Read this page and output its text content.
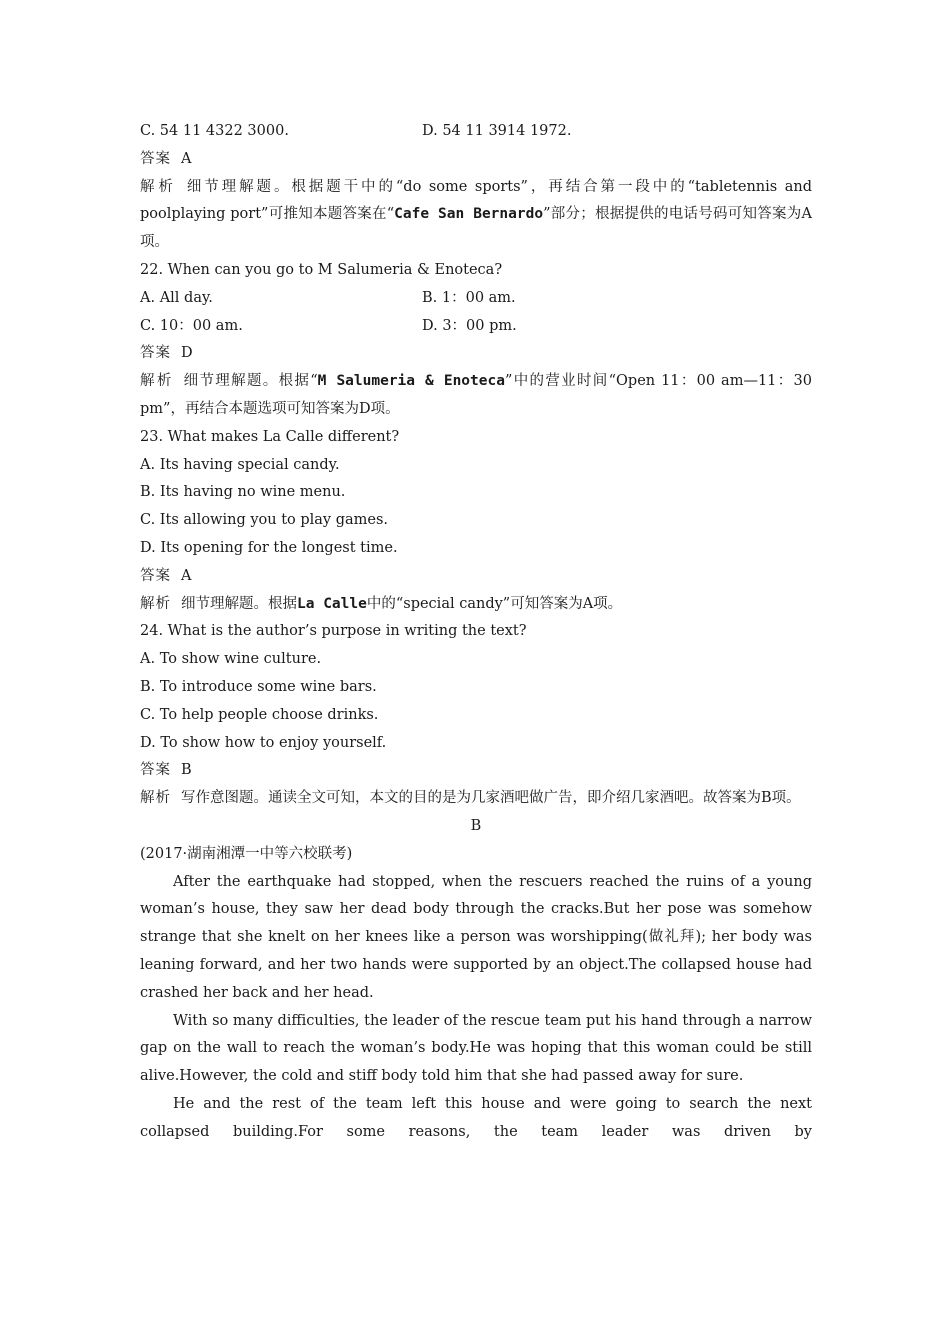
C. 54 11 4322 3000.	D. 54 11 3914 1972.
答案 A
解析 细节理解题。根据题干中的“do some sports”，再结合第一段中的“tabletennis and poolplaying port”可推知本题答案在“Cafe San Bernardo”部分；根据提供的电话号码可知答案为A项。
22. When can you go to M Salumeria & Enoteca?
A. All day.	B. 1：00 am.
C. 10：00 am.	D. 3：00 pm.
答案 D
解析 细节理解题。根据“M Salumeria & Enoteca”中的营业时间“Open 11：00 am—11：30 pm”，再结合本题选项可知答案为D项。
23. What makes La Calle different?
A. Its having special candy.
B. Its having no wine menu.
C. Its allowing you to play games.
D. Its opening for the longest time.
答案 A
解析 细节理解题。根据La Calle中的“special candy”可知答案为A项。
24. What is the author’s purpose in writing the text?
A. To show wine culture.
B. To introduce some wine bars.
C. To help people choose drinks.
D. To show how to enjoy yourself.
答案 B
解析 写作意图题。通读全文可知，本文的目的是为几家酒吧做广告，即介绍几家酒吧。故答案为B项。
B
(2017·湖南湘潭一中等六校联考)
After the earthquake had stopped, when the rescuers reached the ruins of a young woman’s house, they saw her dead body through the cracks.But her pose was somehow strange that she knelt on her knees like a person was worshipping(做礼拜); her body was leaning forward, and her two hands were supported by an object.The collapsed house had crashed her back and her head.
With so many difficulties, the leader of the rescue team put his hand through a narrow gap on the wall to reach the woman’s body.He was hoping that this woman could be still alive.However, the cold and stiff body told him that she had passed away for sure.
He and the rest of the team left this house and were going to search the next collapsed building.For some reasons, the team leader was driven by
